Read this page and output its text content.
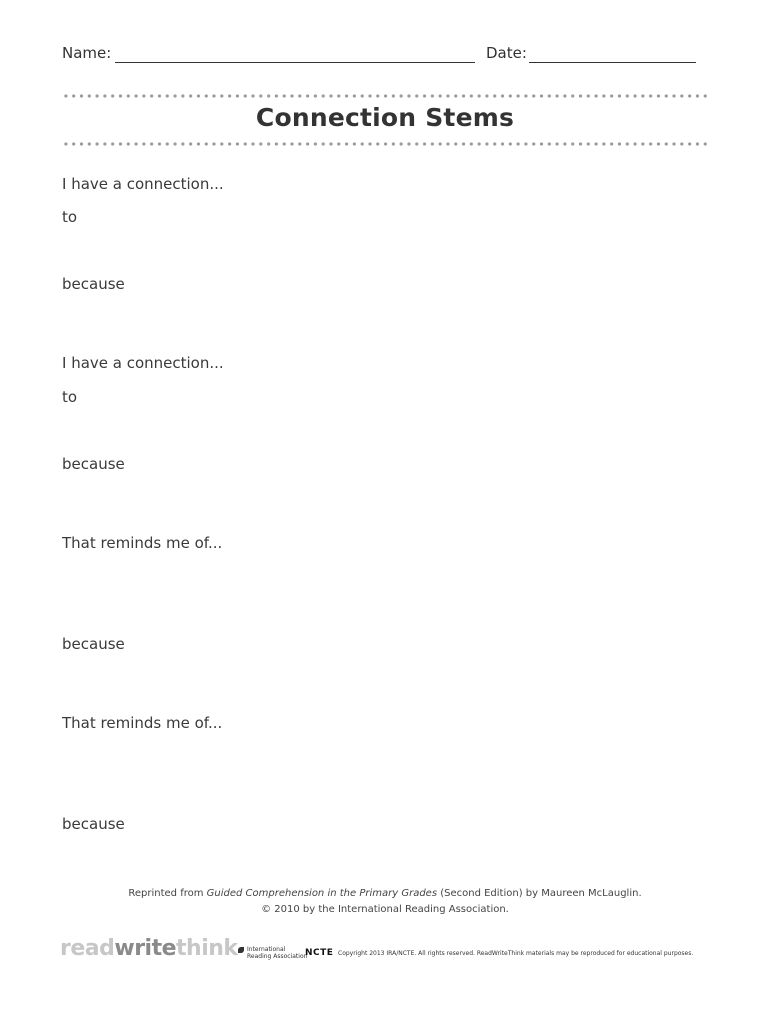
Name:	Date:
Connection Stems
I have a connection...
to
because
I have a connection...
to
because
That reminds me of...
because
That reminds me of...
because
Reprinted from Guided Comprehension in the Primary Grades (Second Edition) by Maureen McLauglin.
© 2010 by the International Reading Association.
readwritethink International
Reading Association
NCTE Copyright 2013 IRA/NCTE. All rights reserved. ReadWriteThink materials may be reproduced for educational purposes.
